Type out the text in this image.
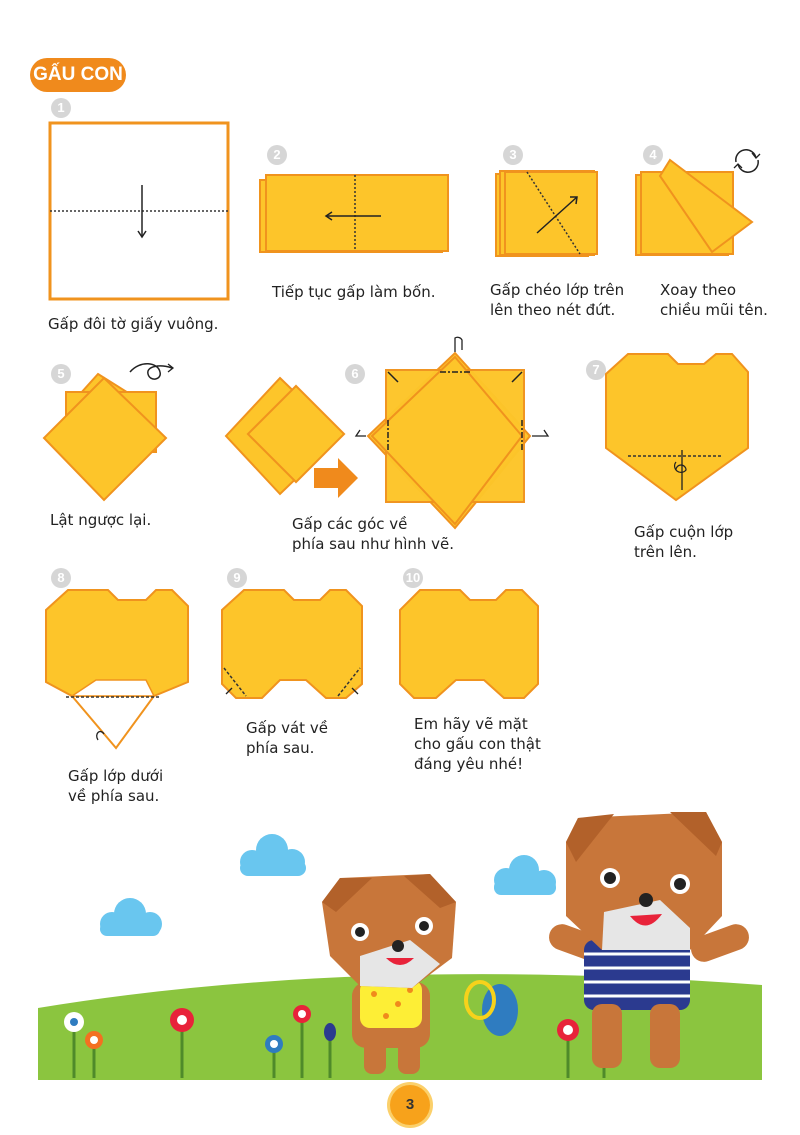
GẤU CON
1
2	3	4
5	6	7
8	9	10
Gấp đôi tờ giấy vuông.
Tiếp tục gấp làm bốn.	Gấp chéo lớp trên
lên theo nét đứt.
Xoay theo
chiều mũi tên.
Lật ngược lại.	Gấp các góc về
phía sau như hình vẽ.
Gấp cuộn lớp
trên lên.
Gấp lớp dưới
về phía sau.
Gấp vát về
phía sau.
Em hãy vẽ mặt
cho gấu con thật
đáng yêu nhé!
3
